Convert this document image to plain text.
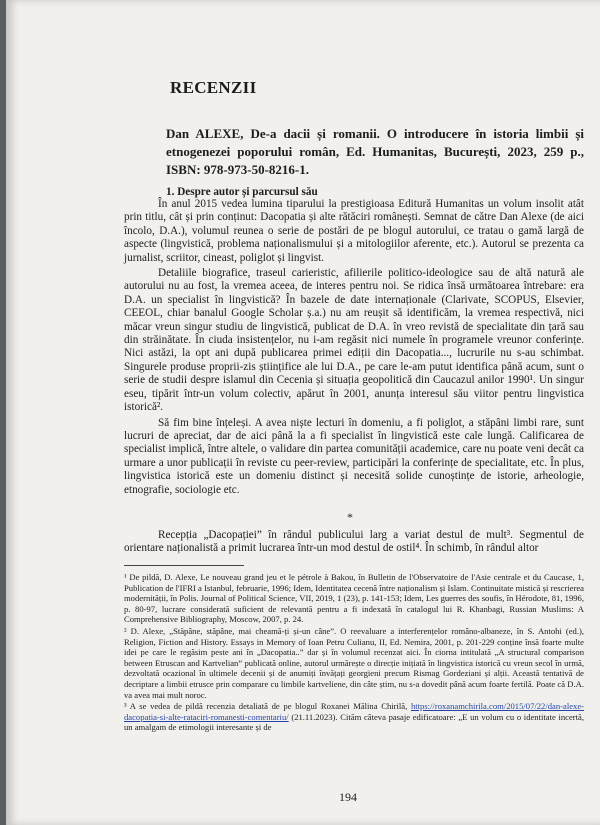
RECENZII

Dan ALEXE, De-a dacii și romanii. O introducere în istoria limbii și etnogenezei poporului român, Ed. Humanitas, București, 2023, 259 p., ISBN: 978-973-50-8216-1.

1. Despre autor și parcursul său

În anul 2015 vedea lumina tiparului la prestigioasa Editură Humanitas un volum insolit atât prin titlu, cât și prin conținut: Dacopatia și alte rătăciri românești. Semnat de către Dan Alexe (de aici încolo, D.A.), volumul reunea o serie de postări de pe blogul autorului, ce tratau o gamă largă de aspecte (lingvistică, problema naționalismului și a mitologiilor aferente, etc.). Autorul se prezenta ca jurnalist, scriitor, cineast, poliglot și lingvist.

Detaliile biografice, traseul carieristic, afilierile politico-ideologice sau de altă natură ale autorului nu au fost, la vremea aceea, de interes pentru noi. Se ridica însă următoarea întrebare: era D.A. un specialist în lingvistică? În bazele de date internaționale (Clarivate, SCOPUS, Elsevier, CEEOL, chiar banalul Google Scholar ș.a.) nu am reușit să identificăm, la vremea respectivă, nici măcar vreun singur studiu de lingvistică, publicat de D.A. în vreo revistă de specialitate din țară sau din străinătate. În ciuda insistențelor, nu i-am regăsit nici numele în programele vreunor conferințe. Nici astăzi, la opt ani după publicarea primei ediții din Dacopatia..., lucrurile nu s-au schimbat. Singurele produse proprii-zis științifice ale lui D.A., pe care le-am putut identifica până acum, sunt o serie de studii despre islamul din Cecenia și situația geopolitică din Caucazul anilor 1990¹. Un singur eseu, tipărit într-un volum colectiv, apărut în 2001, anunța interesul său viitor pentru lingvistica istorică².

Să fim bine înțeleși. A avea niște lecturi în domeniu, a fi poliglot, a stăpâni limbi rare, sunt lucruri de apreciat, dar de aici până la a fi specialist în lingvistică este cale lungă. Calificarea de specialist implică, între altele, o validare din partea comunității academice, care nu poate veni decât ca urmare a unor publicații în reviste cu peer-review, participări la conferințe de specialitate, etc. În plus, lingvistica istorică este un domeniu distinct și necesită solide cunoștințe de istorie, arheologie, etnografie, sociologie etc.

*

Recepția „Dacopației” în rândul publicului larg a variat destul de mult³. Segmentul de orientare naționalistă a primit lucrarea într-un mod destul de ostil⁴. În schimb, în rândul altor

¹ De pildă, D. Alexe, Le nouveau grand jeu et le pétrole à Bakou, în Bulletin de l'Observatoire de l'Asie centrale et du Caucase, 1, Publication de l'IFRI a Istanbul, februarie, 1996; Idem, Identitatea cecenă între naționalism și Islam. Continuitate mistică și rescrierea modernității, în Polis. Journal of Political Science, VII, 2019, 1 (23), p. 141-153; Idem, Les guerres des soufis, în Hérodote, 81, 1996, p. 80-97, lucrare considerată suficient de relevantă pentru a fi indexată în catalogul lui R. Khanbagi, Russian Muslims: A Comprehensive Bibliography, Moscow, 2007, p. 24.

² D. Alexe, „Stăpâne, stăpâne, mai cheamă-ți și-un câne”. O reevaluare a interferențelor româno-albaneze, în S. Antohi (ed.), Religion, Fiction and History. Essays in Memory of Ioan Petru Culianu, II, Ed. Nemira, 2001, p. 201-229 conține însă foarte multe idei pe care le regăsim peste ani în „Dacopatia..” dar și în volumul recenzat aici. În ciorna intitulată „A structural comparison between Etruscan and Kartvelian” publicată online, autorul urmărește o direcție inițiată în lingvistica istorică cu vreun secol în urmă, dezvoltată ocazional în ultimele decenii și de anumiți învățați georgieni precum Rismag Gordeziani și alții. Această tentativă de decriptare a limbii etrusce prin comparare cu limbile kartveliene, din câte știm, nu s-a dovedit până acum foarte fertilă. Poate că D.A. va avea mai mult noroc.

³ A se vedea de pildă recenzia detaliată de pe blogul Roxanei Mălina Chirilă, https://roxanamchirila.com/2015/07/22/dan-alexe-dacopatia-si-alte-rataciri-romanesti-comentariu/ (21.11.2023). Citām câteva pasaje edificatoare: „E un volum cu o identitate incertă, un amalgam de etimologii interesante și de

194
